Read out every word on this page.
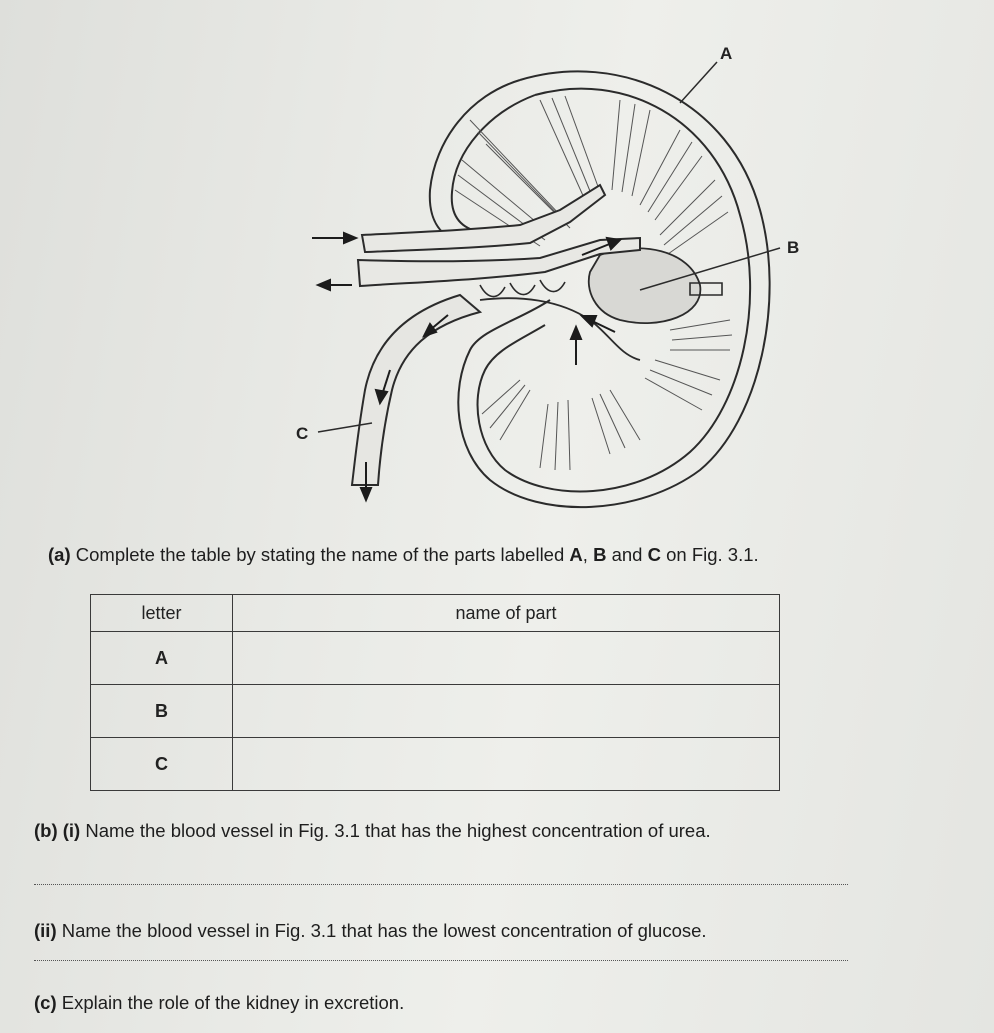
A
B
C
(a) Complete the table by stating the name of the parts labelled A, B and C on Fig. 3.1.
letter	name of part
A	
B	
C	
(b) (i) Name the blood vessel in Fig. 3.1 that has the highest concentration of urea.
(ii) Name the blood vessel in Fig. 3.1 that has the lowest concentration of glucose.
(c) Explain the role of the kidney in excretion.
